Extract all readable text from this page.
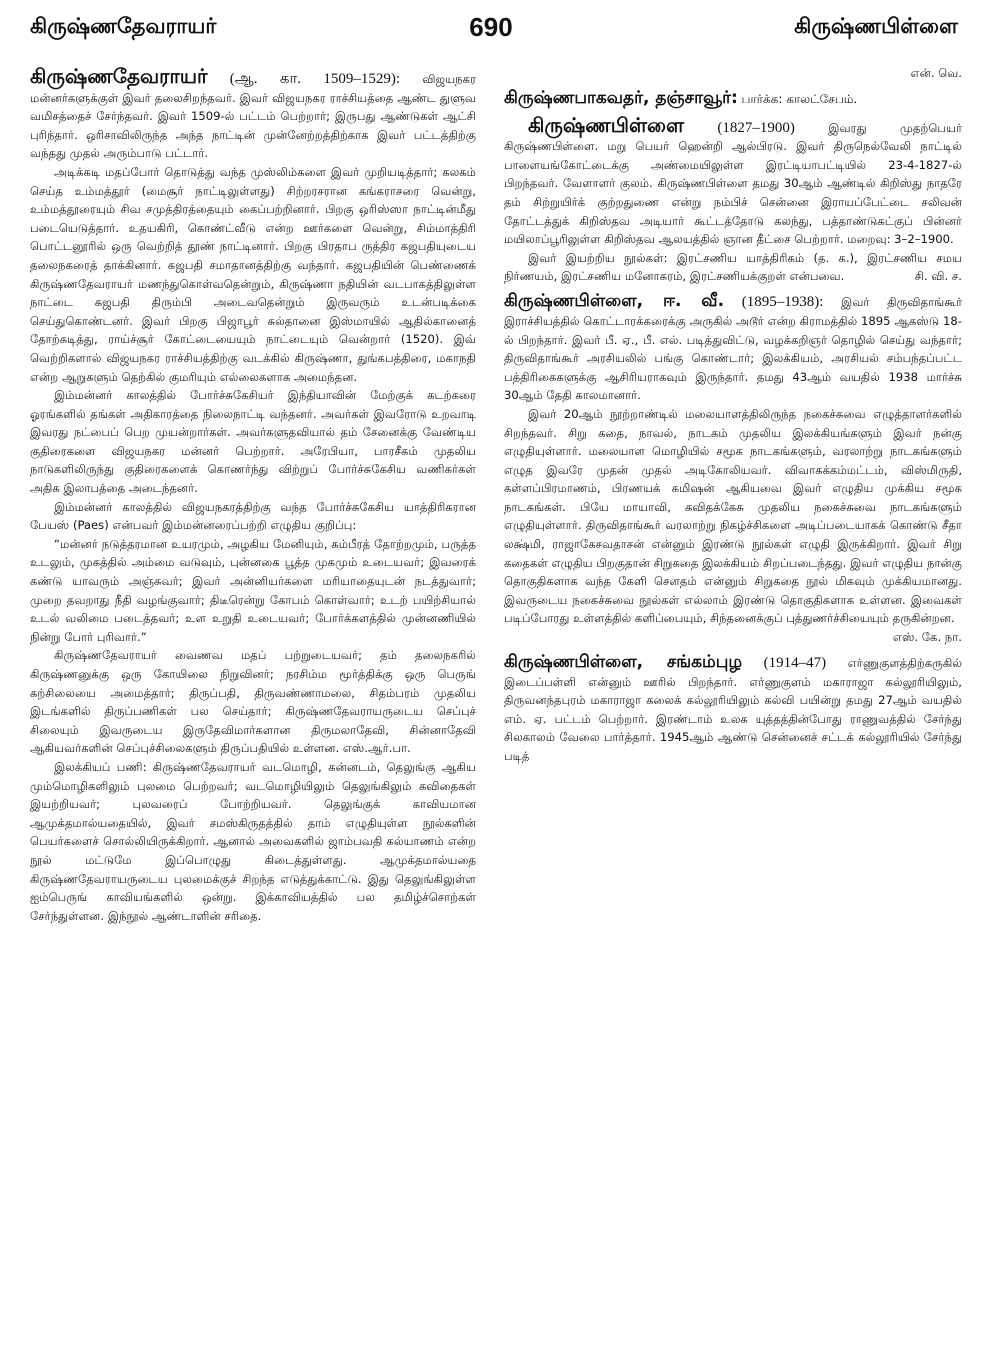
கிருஷ்ணதேவராயர்	690	கிருஷ்ணபிள்ளை

கிருஷ்ணதேவராயர் (ஆ. கா. 1509–1529): விஜயநகர மன்னர்களுக்குள் இவர் தலைசிறந்தவர். இவர் விஜயநகர ராச்சியத்தை ஆண்ட துளுவ வமிசத்தைச் சேர்ந்தவர். இவர் 1509-ல் பட்டம் பெற்றார்; இருபது ஆண்டுகள் ஆட்சி புரிந்தார். ஒரிசாவிலிருந்த அந்த நாட்டின் முன்னேற்றத்திற்காக இவர் பட்டத்திற்கு வந்தது முதல் அரும்பாடு பட்டார்.

அடிக்கடி மதப்போர் தொடுத்து வந்த முஸ்லிம்களை இவர் முறியடித்தார்; கலகம் செய்த உம்மத்தூர் (மைசூர் நாட்டிலுள்ளது) சிற்றரசரான கங்கராசரை வென்று, உம்மத்தூரையும் சிவ சமுத்திரத்தையும் கைப்பற்றினார். பிறகு ஒரிஸ்ஸா நாட்டின்மீது படையெடுத்தார். உதயகிரி, கொண்ட்வீடு என்ற ஊர்களை வென்று, சிம்மாத்திரி பொட்டனூரில் ஒரு வெற்றித் தூண் நாட்டினார். பிறகு பிரதாப ருத்திர கஜபதியுடைய தலைநகரைத் தாக்கினார். கஜபதி சமாதானத்திற்கு வந்தார். கஜபதியின் பெண்ணைக் கிருஷ்ணதேவராயர் மணந்துகொள்வதென்றும், கிருஷ்ணா நதியின் வடபாகத்திலுள்ள நாட்டை கஜபதி திரும்பி அடைவதென்றும் இருவரும் உடன்படிக்கை செய்துகொண்டனர். இவர் பிறகு பிஜாபூர் சுல்தானை இஸ்மாயில் ஆதில்கானைத் தோற்கடித்து, ராய்ச்சூர் கோட்டையையும் நாட்டையும் வென்றார் (1520). இவ் வெற்றிகளால் விஜயநகர ராச்சியத்திற்கு வடக்கில் கிருஷ்ணா, துங்கபத்திரை, மகாநதி என்ற ஆறுகளும் தெற்கில் குமரியும் எல்லைகளாக அமைந்தன.

இம்மன்னர் காலத்தில் போர்ச்சுகேசியர் இந்தியாவின் மேற்குக் கடற்கரை ஓரங்களில் தங்கள் அதிகாரத்தை நிலைநாட்டி வந்தனர். அவர்கள் இவரோடு உறவாடி இவரது நட்பைப் பெற முயன்றார்கள். அவர்களுதவியால் தம் சேனைக்கு வேண்டிய குதிரைகளை விஜயநகர மன்னர் பெற்றார். அரேபியா, பாரசீகம் முதலிய நாடுகளிலிருந்து குதிரைகளைக் கொணர்ந்து விற்றுப் போர்ச்சுகேசிய வணிகர்கள் அதிக இலாபத்தை அடைந்தனர்.

இம்மன்னர் காலத்தில் விஜயநகரத்திற்கு வந்த போர்ச்சுகேசிய யாத்திரிகரான பேயஸ் (Paes) என்பவர் இம்மன்னரைப்பற்றி எழுதிய குறிப்பு:

“மன்னர் நடுத்தரமான உயரமும், அழகிய மேனியும், கம்பீரத் தோற்றமும், பருத்த உடலும், முகத்தில் அம்மை வடுவும், புன்னகை பூத்த முகமும் உடையவர்; இவரைக் கண்டு யாவரும் அஞ்சுவர்; இவர் அன்னியர்களை மரியாதையுடன் நடத்துவார்; முறை தவறாது நீதி வழங்குவார்; திடீரென்று கோபம் கொள்வார்; உடற் பயிற்சியால் உடல் வலிமை படைத்தவர்; உள உறுதி உடையவர்; போர்க்களத்தில் முன்னணியில் நின்று போர் புரிவார்.”

கிருஷ்ணதேவராயர் வைணவ மதப் பற்றுடையவர்; தம் தலைநகரில் கிருஷ்ணனுக்கு ஒரு கோயிலை நிறுவினர்; நரசிம்ம மூர்த்திக்கு ஒரு பெருங் கற்சிலையை அமைத்தார்; திருப்பதி, திருவண்ணாமலை, சிதம்பரம் முதலிய இடங்களில் திருப்பணிகள் பல செய்தார்; கிருஷ்ணதேவராயருடைய செப்புச் சிலையும் இவருடைய இருதேவிமார்களான திருமலாதேவி, சின்னாதேவி ஆகியவர்களின் செப்புச்சிலைகளும் திருப்பதியில் உள்ளன. எஸ்.ஆர்.பா.

இலக்கியப் பணி: கிருஷ்ணதேவராயர் வடமொழி, கன்னடம், தெலுங்கு ஆகிய மும்மொழிகளிலும் புலமை பெற்றவர்; வடமொழியிலும் தெலுங்கிலும் கவிதைகள் இயற்றியவர்; புலவரைப் போற்றியவர். தெலுங்குக் காவியமான ஆமுக்தமால்யதையில், இவர் சமஸ்கிருதத்தில் தாம் எழுதியுள்ள நூல்களின் பெயர்களைச் சொல்லியிருக்கிறார். ஆனால் அவைகளில் ஜாம்பவதி கல்யாணம் என்ற நூல் மட்டுமே இப்பொழுது கிடைத்துள்ளது. ஆமுக்தமால்யதை கிருஷ்ணதேவராயருடைய புலமைக்குச் சிறந்த எடுத்துக்காட்டு. இது தெலுங்கிலுள்ள ஐம்பெருங் காவியங்களில் ஒன்று. இக்காவியத்தில் பல தமிழ்ச்சொற்கள் சேர்ந்துள்ளன. இந்நூல் ஆண்டாளின் சரிதை.

என். வெ.

கிருஷ்ணபாகவதர், தஞ்சாவூர்: பார்க்க: காலட்சேபம்.

கிருஷ்ணபிள்ளை (1827–1900)	இவரது முதற்பெயர் கிருஷ்ணபிள்ளை. மறு பெயர் ஹென்றி ஆல்பிரடு. இவர் திருநெல்வேலி நாட்டில் பாளையங்கோட்டைக்கு அண்மையிலுள்ள இரட்டியாபட்டியில் 23-4-1827-ல் பிறந்தவர். வேளாளர் குலம். கிருஷ்ணபிள்ளை தமது 30ஆம் ஆண்டில் கிறிஸ்து நாதரே தம் சிற்றுயிர்க் குற்றதுணை என்று நம்பிச் சென்னை இராயப்பேட்டை சலிவன் தோட்டத்துக் கிறிஸ்தவ அடியார் கூட்டத்தோடு கலந்து, பத்தாண்டுகட்குப் பின்னர் மயிலாப்பூரிலுள்ள கிறிஸ்தவ ஆலயத்தில் ஞான தீட்சை பெற்றார். மறைவு: 3–2–1900.

இவர் இயற்றிய நூல்கள்: இரட்சணிய யாத்திரிகம் (த. க.), இரட்சணிய சமய நிர்ணயம், இரட்சணிய மனோகரம், இரட்சணியக்குறள் என்பவை.	சி. வி. ச.

கிருஷ்ணபிள்ளை, ஈ. வீ. (1895–1938): இவர் திருவிதாங்கூர் இராச்சியத்தில் கொட்டாரக்கரைக்கு அருகில் அடூர் என்ற கிராமத்தில் 1895 ஆகஸ்டு 18-ல் பிறந்தார். இவர் பீ. ஏ., பீ. எல். படித்துவிட்டு, வழக்கறிஞர் தொழில் செய்து வந்தார்; திருவிதாங்கூர் அரசியலில் பங்கு கொண்டார்; இலக்கியம், அரசியல் சம்பந்தப்பட்ட பத்திரிகைகளுக்கு ஆசிரியராகவும் இருந்தார். தமது 43ஆம் வயதில் 1938 மார்ச்சு 30ஆம் தேதி காலமானார்.

இவர் 20ஆம் நூற்றாண்டில் மலையாளத்திலிருந்த நகைச்சுவை எழுத்தாளர்களில் சிறந்தவர். சிறு கதை, நாவல், நாடகம் முதலிய இலக்கியங்களும் இவர் நன்கு எழுதியுள்ளார். மலையாள மொழியில் சமூக நாடகங்களும், வரலாற்று நாடகங்களும் எழுத இவரே முதன் முதல் அடிகோலியவர். விவாகக்கம்மட்டம், விஸ்மிருதி, கள்ளப்பிரமாணம், பிரணயக் கமிஷன் ஆகியவை இவர் எழுதிய முக்கிய சமூக நாடகங்கள். பியே மாயாவி, கவிதக்கேசு முதலிய நகைச்சுவை நாடகங்களும் எழுதியுள்ளார். திருவிதாங்கூர் வரலாற்று நிகழ்ச்சிகளை அடிப்படையாகக் கொண்டு சீதா லக்ஷ்மி, ராஜாகேசவதாசன் என்னும் இரண்டு நூல்கள் எழுதி இருக்கிறார். இவர் சிறு கதைகள் எழுதிய பிறகுதான் சிறுகதை இலக்கியம் சிறப்படைந்தது. இவர் எழுதிய நான்கு தொகுதிகளாக வந்த கேளி சௌதம் என்னும் சிறுகதை நூல் மிகவும் முக்கியமானது. இவருடைய நகைச்சுவை நூல்கள் எல்லாம் இரண்டு தொகுதிகளாக உள்ளன. இவைகள் படிப்போரது உள்ளத்தில் களிப்பையும், சிந்தனைக்குப் புத்துணர்ச்சியையும் தருகின்றன.
எஸ். கே. நா.

கிருஷ்ணபிள்ளை, சங்கம்புழ (1914–47) எர்ணுகுளத்திற்கருகில் இடைப்பள்ளி என்னும் ஊரில் பிறந்தார். எர்ணுகுளம் மகாராஜா கல்லூரியிலும், திருவனந்தபுரம் மகாராஜா கலைக் கல்லூரியிலும் கல்வி பயின்று தமது 27ஆம் வயதில் எம். ஏ. பட்டம் பெற்றார். இரண்டாம் உலக யுத்தத்தின்போது ராணுவத்தில் சேர்ந்து சிலகாலம் வேலை பார்த்தார். 1945ஆம் ஆண்டு சென்னைச் சட்டக் கல்லூரியில் சேர்ந்து படித்
